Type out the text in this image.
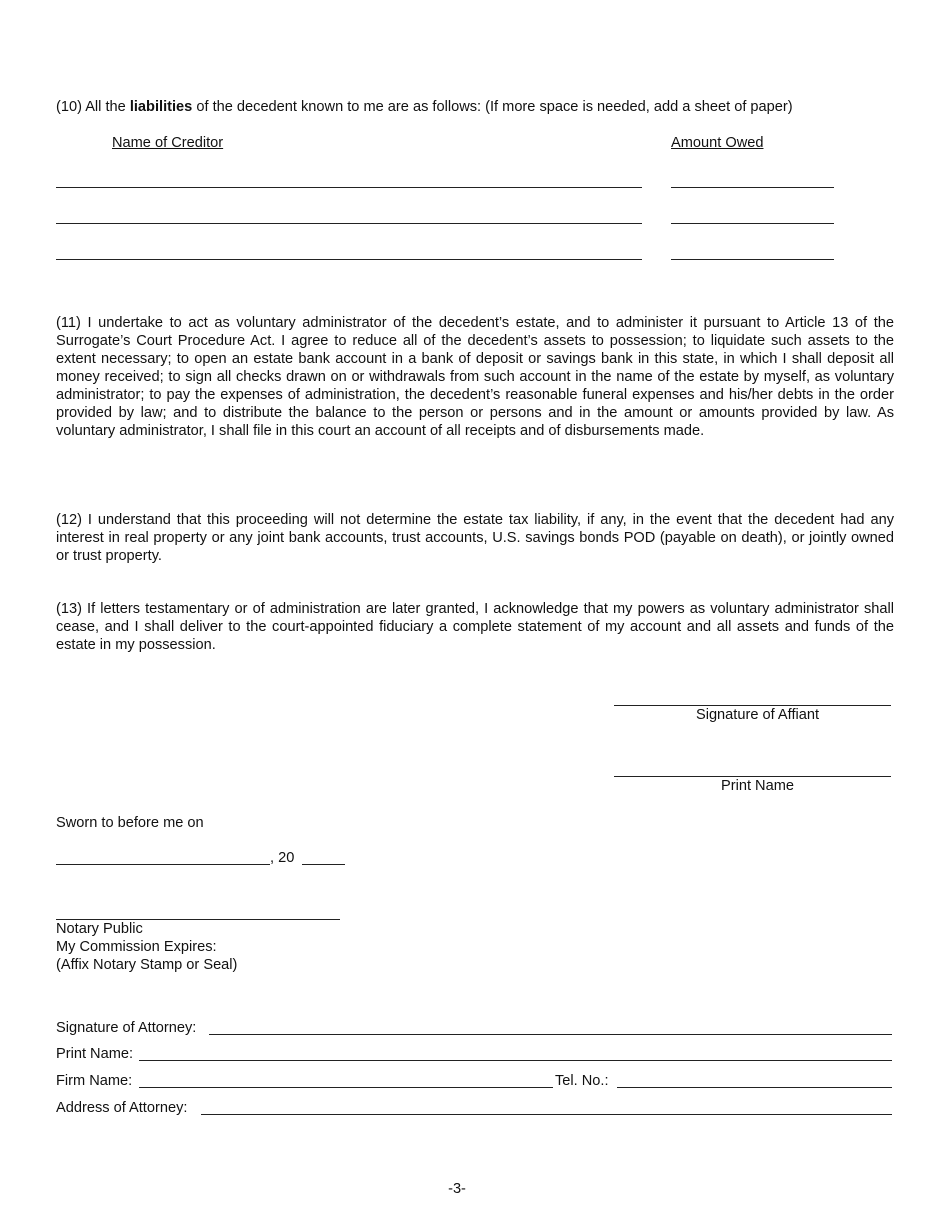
(10) All the liabilities of the decedent known to me are as follows: (If more space is needed, add a sheet of paper)
Name of Creditor	Amount Owed
(11) I undertake to act as voluntary administrator of the decedent’s estate, and to administer it pursuant to Article 13 of the Surrogate’s Court Procedure Act. I agree to reduce all of the decedent’s assets to possession; to liquidate such assets to the extent necessary; to open an estate bank account in a bank of deposit or savings bank in this state, in which I shall deposit all money received; to sign all checks drawn on or withdrawals from such account in the name of the estate by myself, as voluntary administrator; to pay the expenses of administration, the decedent’s reasonable funeral expenses and his/her debts in the order provided by law; and to distribute the balance to the person or persons and in the amount or amounts provided by law. As voluntary administrator, I shall file in this court an account of all receipts and of disbursements made.
(12) I understand that this proceeding will not determine the estate tax liability, if any, in the event that the decedent had any interest in real property or any joint bank accounts, trust accounts, U.S. savings bonds POD (payable on death), or jointly owned or trust property.
(13) If letters testamentary or of administration are later granted, I acknowledge that my powers as voluntary administrator shall cease, and I shall deliver to the court-appointed fiduciary a complete statement of my account and all assets and funds of the estate in my possession.
Signature of Affiant
Print Name
Sworn to before me on
, 20
Notary Public
My Commission Expires:
(Affix Notary Stamp or Seal)
Signature of Attorney:
Print Name:
Firm Name:	Tel. No.:
Address of Attorney:
-3-
